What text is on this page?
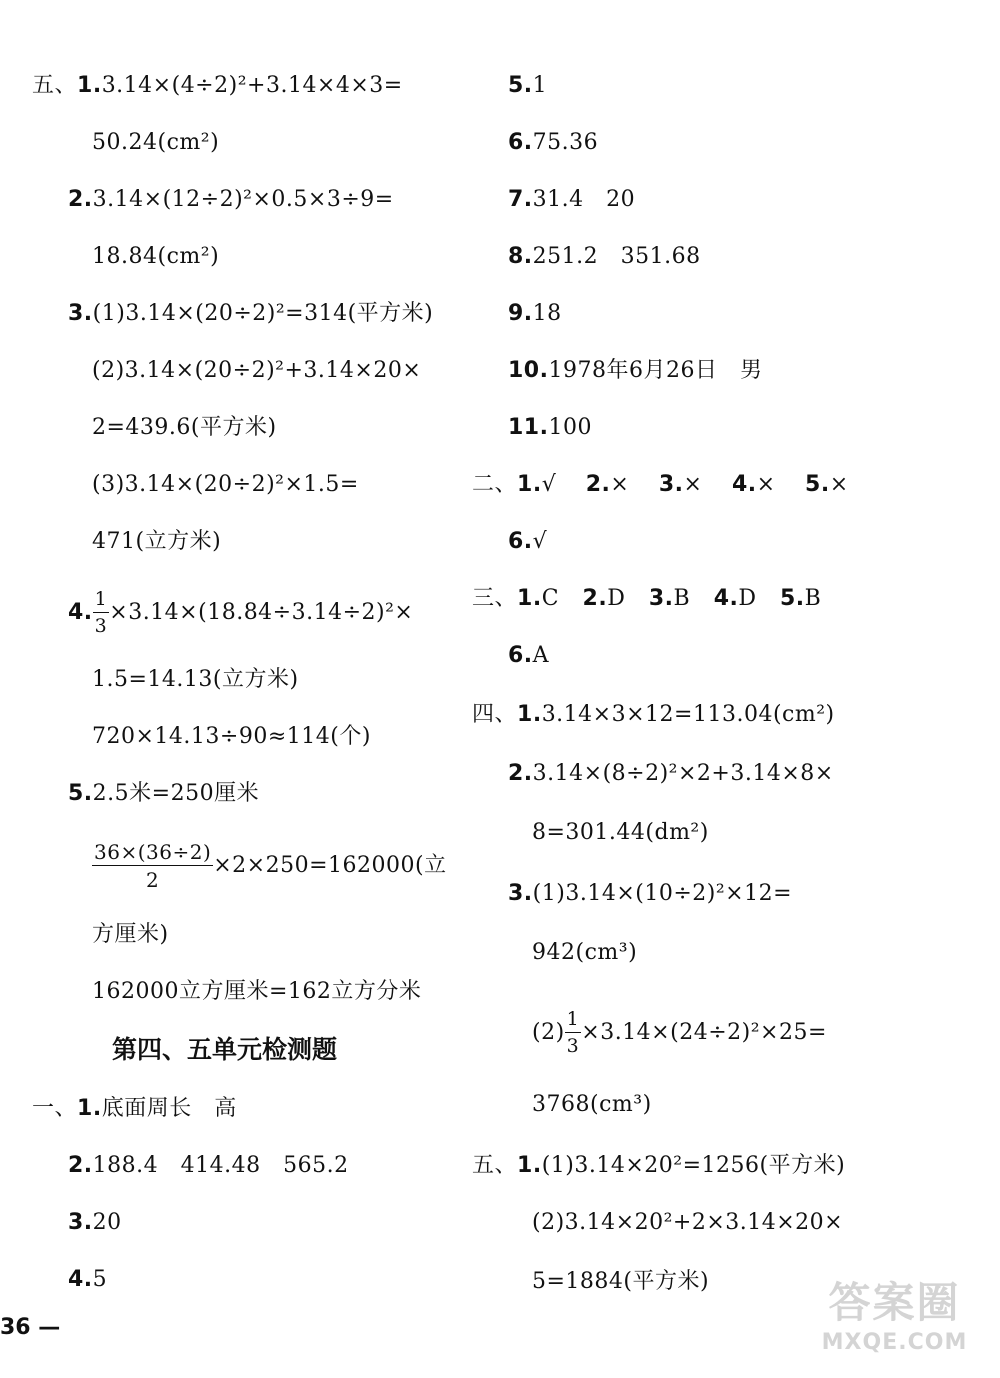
五、1.3.14×(4÷2)²+3.14×4×3=
50.24(cm²)
2.3.14×(12÷2)²×0.5×3÷9=
18.84(cm²)
3.(1)3.14×(20÷2)²=314(平方米)
(2)3.14×(20÷2)²+3.14×20×
2=439.6(平方米)
(3)3.14×(20÷2)²×1.5=
471(立方米)
4. $\frac{1}{3} \times 3.14\times(18.84\div 3.14\div 2)^2\times$
1.5=14.13(立方米)
720×14.13÷90≈114(个)
5.2.5米=250厘米
$\frac{36\times(36\div 2)}{2} \times 2\times 250=162000$(立
方厘米)
162000立方厘米=162立方分米
第四、五单元检测题
一、1.底面周长　高
2.188.4　414.48　565.2
3.20
4.5
5.1
6.75.36
7.31.4　20
8.251.2　351.68
9.18
10.1978年6月26日　男
11.100
二、1.√ 2.× 3.× 4.× 5.×
6.√
三、1.C 2.D 3.B 4.D 5.B
6.A
四、1.3.14×3×12=113.04(cm²)
2.3.14×(8÷2)²×2+3.14×8×
8=301.44(dm²)
3.(1)3.14×(10÷2)²×12=
942(cm³)
$(2) \frac{1}{3} \times 3.14\times(24\div 2)^2\times 25=$
3768(cm³)
五、1.(1)3.14×20²=1256(平方米)
(2)3.14×20²+2×3.14×20×
5=1884(平方米)
36 —
答案圈
MXQE.COM
